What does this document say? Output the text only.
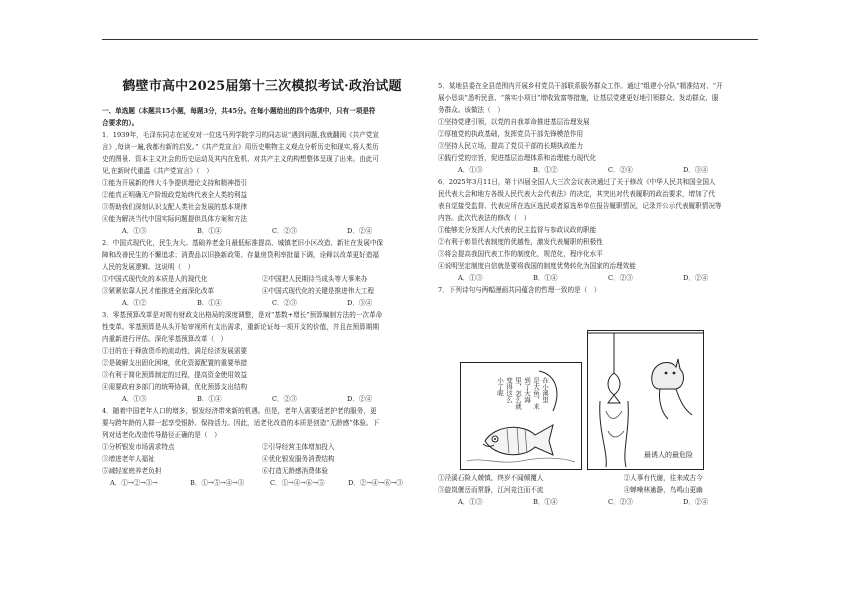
鹤壁市高中2025届第十三次模拟考试·政治试题
一、单选题（本题共15小题，每题3分，共45分。在每小题给出的四个选项中，只有一项是符
合要求的）。
1．1939年，毛泽东同志在延安对一位选马列学院学习的同志说“遇到问题,我就翻阅《共产党宣
言》,每读一遍,我都有新的启发。”《共产党宣言》用历史唯物主义观点分析历史和现实,将人类历
史的图景、资本主义社会的历史运动及其内在危机、对共产主义的构想整体呈现了出来。由此可
见,在新时代重温《共产党宣言》（　）
①能为开展新的伟大斗争提供理论支持和精神指引
②能真正明确无产阶级政党始终代表全人类的利益
③帮助我们深刻认识支配人类社会发展的基本规律
④能为解决当代中国实际问题提供具体方案和方法
A．①③	B．①④	C．②③	D．②④
2．中国式现代化，民生为大。基础养老金月最低标准提高、城镇老旧小区改造、新社在发展中保
障和改善民生的不懈追求；消费品以旧换新政策、存量房贷利率批量下调，诠释以改革更好造福
人民的发展逻辑。这说明（　）
①中国式现代化的本质是人的现代化	②中国把人民期待当成头等大事来办
③紧紧依靠人民才能推进全面深化改革	④中国式现代化的关键是推进伟大工程
A．①②	B．①④	C．②③	D．③④
3．零基预算改革是对规有财政支出格局的深度调整，是对“基数+增长”预算编制方法的一次革命
性变革。零基预算是从头开始审视所有支出需求，重新论证每一项开支的价值，并且在预算期期
内重新进行评估。深化零基预算改革（　）
①目的在于释放货币的流动性，满足经济发展需要
②是破解支出固化困境，优化资源配置的重要举措
③有利于简化预算制定的过程，提高资金使用效益
④需要政府多部门的统筹协调，优化预算支出结构
A．①③	B．①④	C．②③	D．②④
4．随着中国老年人口的增多，银发经济带来新的机遇。但是，老年人需要适老护老的服务，更
要与跨年龄的人群一起享受银龄、保持活力。因此，适老化改造的本质是创造“无龄感”体验。下
列对适老化改造传导路径正确的是（　）
①分析银发市场需求特点	②引导经营主体增加投入
③增进老年人福祉	④优化银发服务消费结构
⑤减轻家庭养老负担	⑥打造无龄感消费体验
A．①→②→③→	B．①→⑤→④→③	C．①→④→⑥→⑤	D．②→④→⑥→③
5．某地县委在全县范围内开展乡村党员干部联系服务群众工作。通过“组建小分队”精准结对、“开
展小恳谈”悉听民意、“落实小项目”增收致富等措施，让基层党建更好地引领群众、发动群众、服
务群众。该做法（　）
①坚持党建引领，以党的自我革命推进基层治理发展
②厚植党的执政基础，发挥党员干部先锋模范作用
③坚持人民立场，提高了党员干部的长期执政能力
④践行党的宗旨，促进基层治理体系和治理能力现代化
A．①③	B．①②	C．②④	D．③④
6．2025年3月11日，第十四届全国人大三次会议表决通过了关于修改《中华人民共和国全国人
民代表大会和地方各级人民代表大会代表法》的决定，其突出对代表履职的政治要求，增加了代
表自觉接受监督、代表应所在选区选民或者原选举单位报告履职情况，记录并公示代表履职情况等
内容。此次代表法的修改（　）
①能够充分发挥人大代表的民主监督与参政议政的职能
②有利于彰显代表制度的优越性，激发代表履职的积极性
③将会提高我国代表工作的制度化，规范化，程序化水平
④说明坚定制度自信就是要将我国的制度优势转化为国家的治理效能
A．①③	B．①④	C．②③	D．②④
7．下列诗句与两幅漫画共同蕴含的哲理一致的是（　）
在小溪里
是大鱼，来
到了大海
里，怎么就
变得这么
小了呢
最诱人的最危险
①泾溪石险人兢慎，终岁不闻倾覆人	②人事有代谢，往来成古今
③旋岚偃岳而常静，江河竞注而不流	④蝉噪林逾静，鸟鸣山更幽
A．①③	B．①④	C．②③	D．②④
